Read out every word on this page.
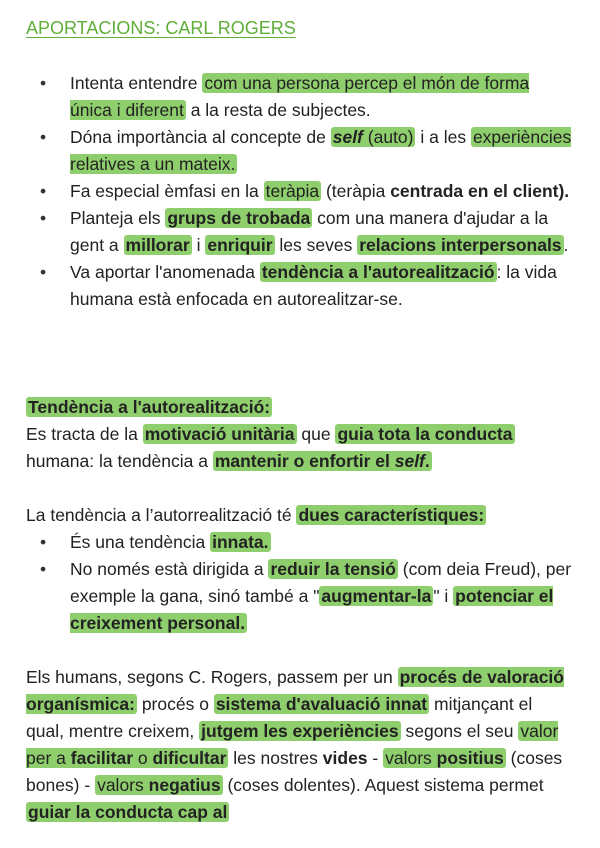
APORTACIONS: CARL ROGERS
• Intenta entendre com una persona percep el món de forma única i diferent a la resta de subjectes.
• Dóna importància al concepte de self (auto) i a les experiències relatives a un mateix.
• Fa especial èmfasi en la teràpia (teràpia centrada en el client).
• Planteja els grups de trobada com una manera d'ajudar a la gent a millorar i enriquir les seves relacions interpersonals .
• Va aportar l'anomenada tendència a l'autorealització : la vida humana està enfocada en autorealitzar-se.

Tendència a l'autorealització:
Es tracta de la motivació unitària que guia tota la conducta humana: la tendència a mantenir o enfortir el self.

La tendència a l’autorrealització té dues característiques:

• És una tendència innata.
• No només està dirigida a reduir la tensió (com deia Freud), per exemple la gana, sinó també a " augmentar-la " i potenciar el creixement personal.

Els humans, segons C. Rogers, passem per un procés de valoració organísmica: procés o sistema d'avaluació innat mitjançant el qual, mentre creixem, jutgem les experiències segons el seu valor per a facilitar o dificultar les nostres vides - valors positius (coses bones) - valors negatius (coses dolentes). Aquest sistema permet guiar la conducta cap al
